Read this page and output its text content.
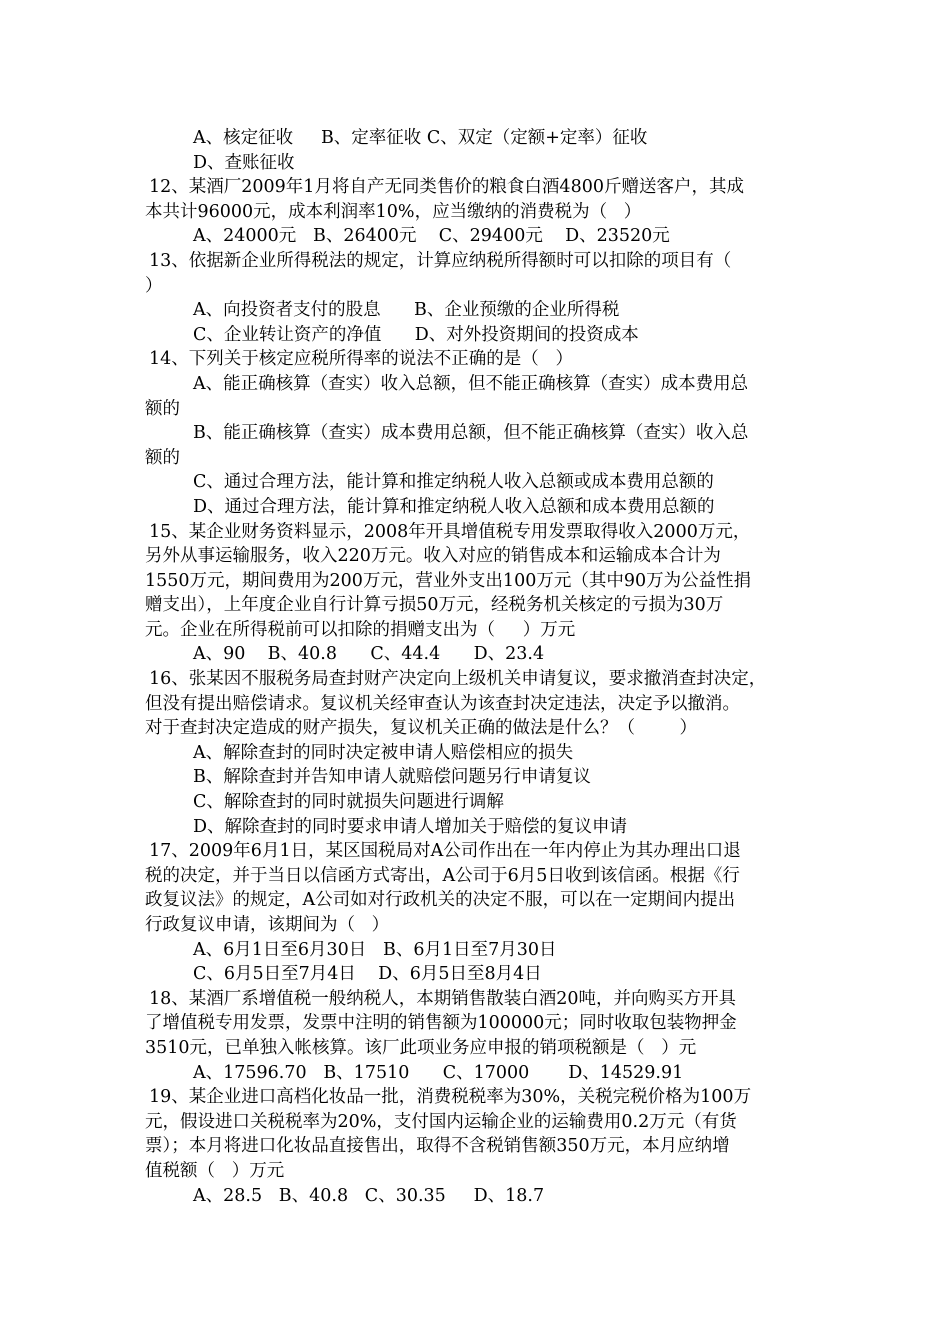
A、核定征收     B、定率征收 C、双定（定额+定率）征收
D、查账征收
12、某酒厂2009年1月将自产无同类售价的粮食白酒4800斤赠送客户，其成
本共计96000元，成本利润率10%，应当缴纳的消费税为（   ）
A、24000元   B、26400元    C、29400元    D、23520元
13、依据新企业所得税法的规定，计算应纳税所得额时可以扣除的项目有（
）
A、向投资者支付的股息      B、企业预缴的企业所得税
C、企业转让资产的净值      D、对外投资期间的投资成本
14、下列关于核定应税所得率的说法不正确的是（   ）
A、能正确核算（查实）收入总额，但不能正确核算（查实）成本费用总
额的
B、能正确核算（查实）成本费用总额，但不能正确核算（查实）收入总
额的
C、通过合理方法，能计算和推定纳税人收入总额或成本费用总额的
D、通过合理方法，能计算和推定纳税人收入总额和成本费用总额的
15、某企业财务资料显示，2008年开具增值税专用发票取得收入2000万元，
另外从事运输服务，收入220万元。收入对应的销售成本和运输成本合计为
1550万元，期间费用为200万元，营业外支出100万元（其中90万为公益性捐
赠支出），上年度企业自行计算亏损50万元，经税务机关核定的亏损为30万
元。企业在所得税前可以扣除的捐赠支出为（     ）万元
A、90    B、40.8      C、44.4      D、23.4
16、张某因不服税务局查封财产决定向上级机关申请复议，要求撤消查封决定，
但没有提出赔偿请求。复议机关经审查认为该查封决定违法，决定予以撤消。
对于查封决定造成的财产损失，复议机关正确的做法是什么？（        ）
A、解除查封的同时决定被申请人赔偿相应的损失
B、解除查封并告知申请人就赔偿问题另行申请复议
C、解除查封的同时就损失问题进行调解
D、解除查封的同时要求申请人增加关于赔偿的复议申请
17、2009年6月1日，某区国税局对A公司作出在一年内停止为其办理出口退
税的决定，并于当日以信函方式寄出，A公司于6月5日收到该信函。根据《行
政复议法》的规定，A公司如对行政机关的决定不服，可以在一定期间内提出
行政复议申请，该期间为（   ）
A、6月1日至6月30日   B、6月1日至7月30日
C、6月5日至7月4日    D、6月5日至8月4日
18、某酒厂系增值税一般纳税人，本期销售散装白酒20吨，并向购买方开具
了增值税专用发票，发票中注明的销售额为100000元；同时收取包装物押金
3510元，已单独入帐核算。该厂此项业务应申报的销项税额是（   ）元
A、17596.70   B、17510      C、17000       D、14529.91
19、某企业进口高档化妆品一批，消费税税率为30%，关税完税价格为100万
元，假设进口关税税率为20%，支付国内运输企业的运输费用0.2万元（有货
票）；本月将进口化妆品直接售出，取得不含税销售额350万元，本月应纳增
值税额（   ）万元
A、28.5   B、40.8   C、30.35     D、18.7
